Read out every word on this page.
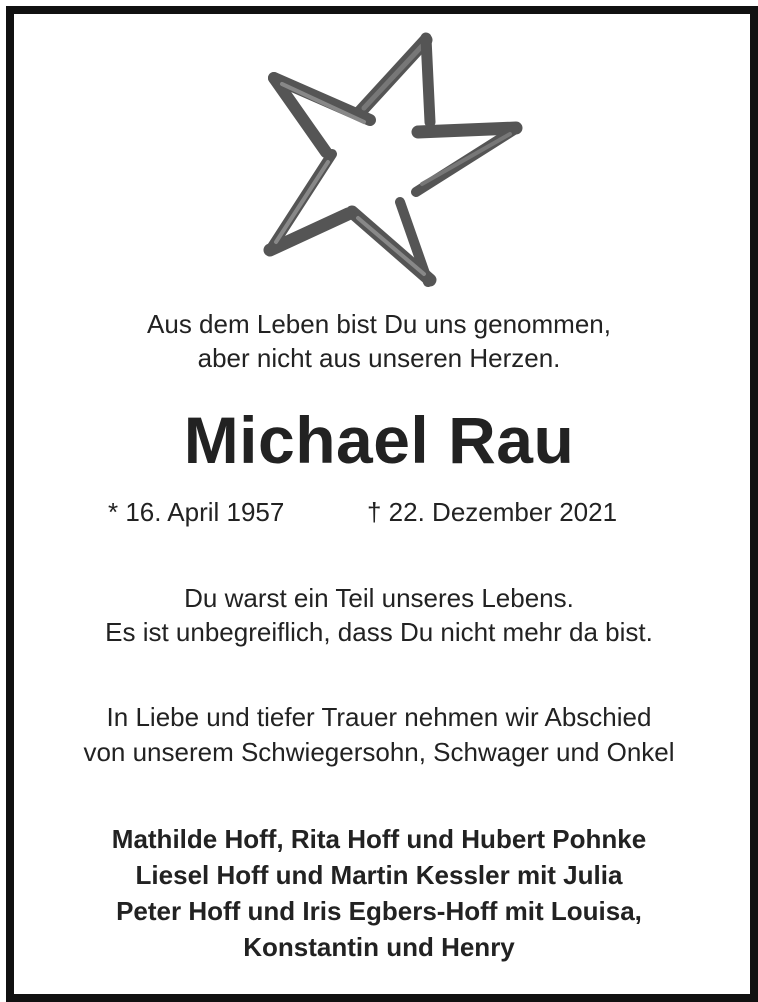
Aus dem Leben bist Du uns genommen,
aber nicht aus unseren Herzen.
Michael Rau
* 16. April 1957	† 22. Dezember 2021
Du warst ein Teil unseres Lebens.
Es ist unbegreiflich, dass Du nicht mehr da bist.
In Liebe und tiefer Trauer nehmen wir Abschied
von unserem Schwiegersohn, Schwager und Onkel
Mathilde Hoff, Rita Hoff und Hubert Pohnke
Liesel Hoff und Martin Kessler mit Julia
Peter Hoff und Iris Egbers-Hoff mit Louisa,
Konstantin und Henry
